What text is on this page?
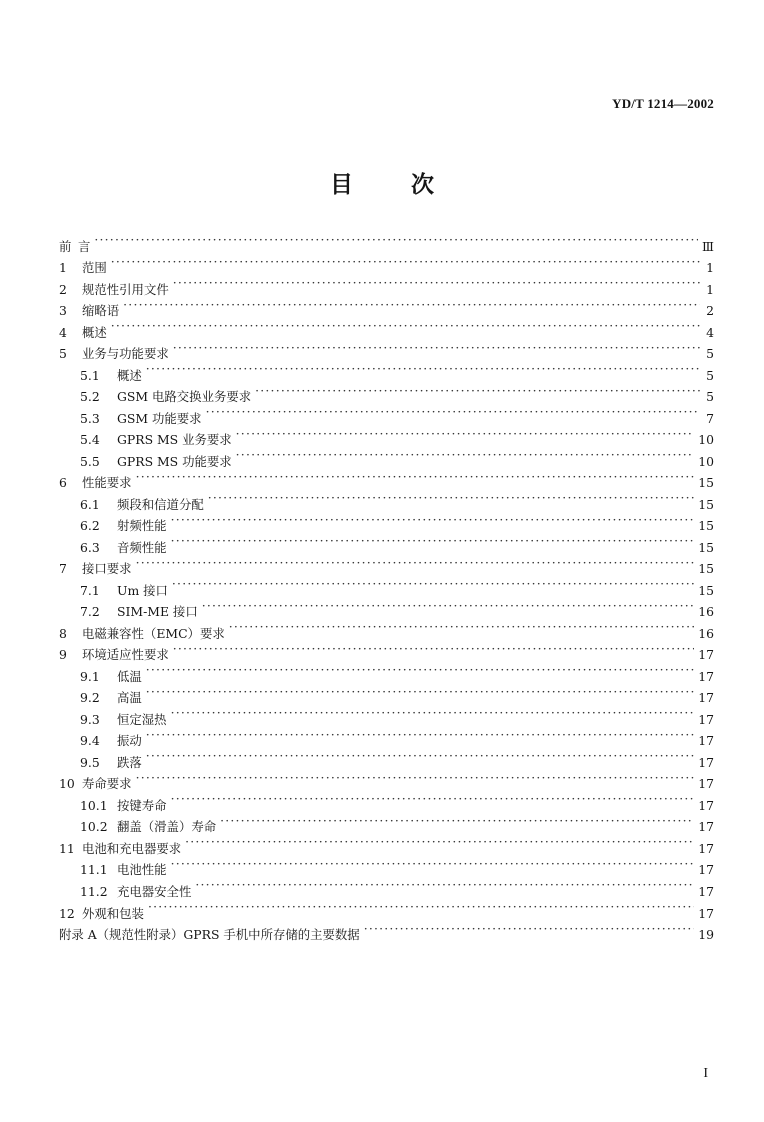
YD/T 1214—2002
目 次
前 言 ·····	Ⅲ
1	范围 ·····	1
2	规范性引用文件 ·····	1
3	缩略语 ·····	2
4	概述 ·····	4
5	业务与功能要求 ·····	5
5.1	概述 ·····	5
5.2	GSM 电路交换业务要求 ·····	5
5.3	GSM 功能要求 ·····	7
5.4	GPRS MS 业务要求 ·····	10
5.5	GPRS MS 功能要求 ·····	10
6	性能要求 ·····	15
6.1	频段和信道分配 ·····	15
6.2	射频性能 ·····	15
6.3	音频性能 ·····	15
7	接口要求 ·····	15
7.1	Um 接口 ·····	15
7.2	SIM-ME 接口 ·····	16
8	电磁兼容性（EMC）要求 ·····	16
9	环境适应性要求 ·····	17
9.1	低温 ·····	17
9.2	高温 ·····	17
9.3	恒定湿热 ·····	17
9.4	振动 ·····	17
9.5	跌落 ·····	17
10 寿命要求 ·····	17
10.1 按键寿命 ·····	17
10.2 翻盖（滑盖）寿命 ·····	17
11 电池和充电器要求 ·····	17
11.1 电池性能 ·····	17
11.2 充电器安全性 ·····	17
12 外观和包装 ·····	17
附录 A（规范性附录）GPRS 手机中所存储的主要数据 ·····	19
I
